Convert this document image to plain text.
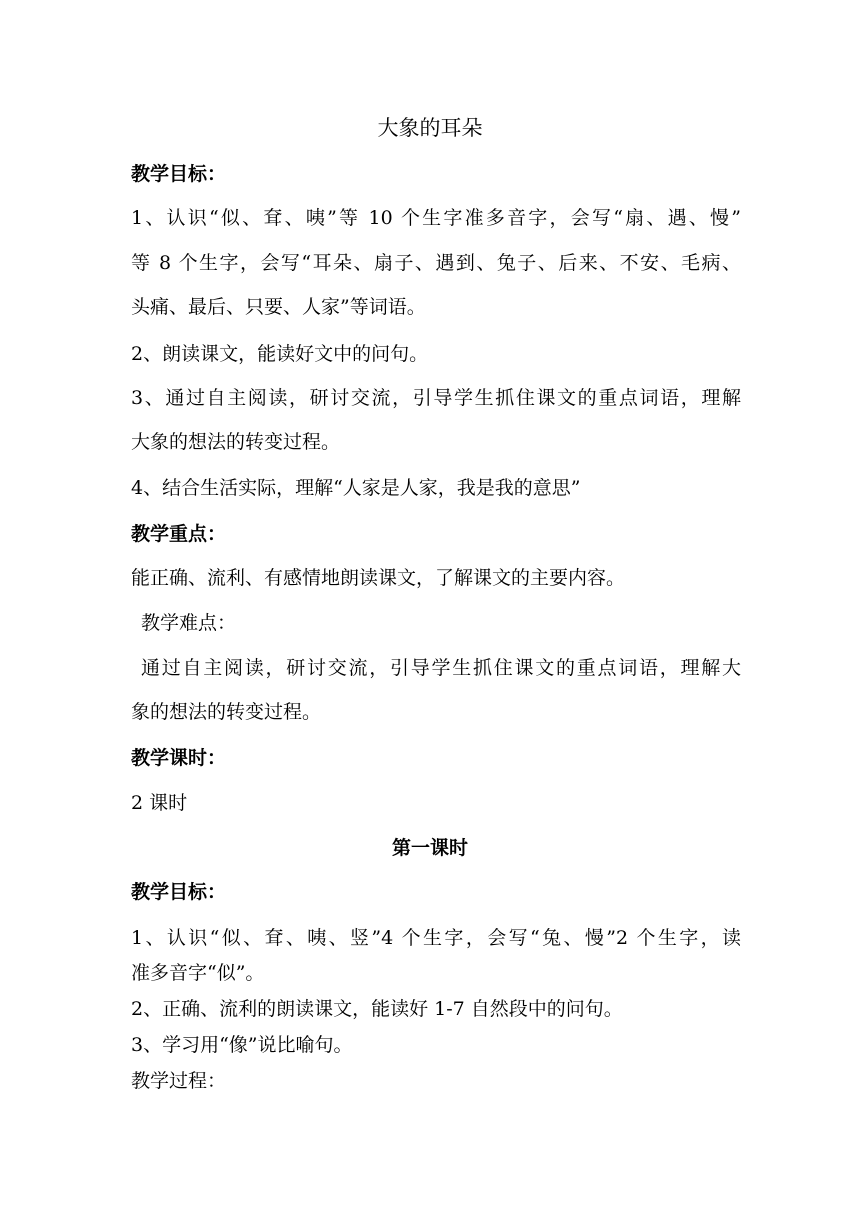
大象的耳朵
教学目标：
1、认识“似、耷、咦”等 10 个生字准多音字，会写“扇、遇、慢”
等 8 个生字，会写“耳朵、扇子、遇到、兔子、后来、不安、毛病、
头痛、最后、只要、人家”等词语。
2、朗读课文，能读好文中的问句。
3、通过自主阅读，研讨交流，引导学生抓住课文的重点词语，理解
大象的想法的转变过程。
4、结合生活实际，理解“人家是人家，我是我的意思”
教学重点：
能正确、流利、有感情地朗读课文，了解课文的主要内容。
教学难点：
通过自主阅读，研讨交流，引导学生抓住课文的重点词语，理解大
象的想法的转变过程。
教学课时：
2 课时
第一课时
教学目标：
1、认识“似、耷、咦、竖”4 个生字，会写“兔、慢”2 个生字，读
准多音字“似”。
2、正确、流利的朗读课文，能读好 1-7 自然段中的问句。
3、学习用“像”说比喻句。
教学过程：
